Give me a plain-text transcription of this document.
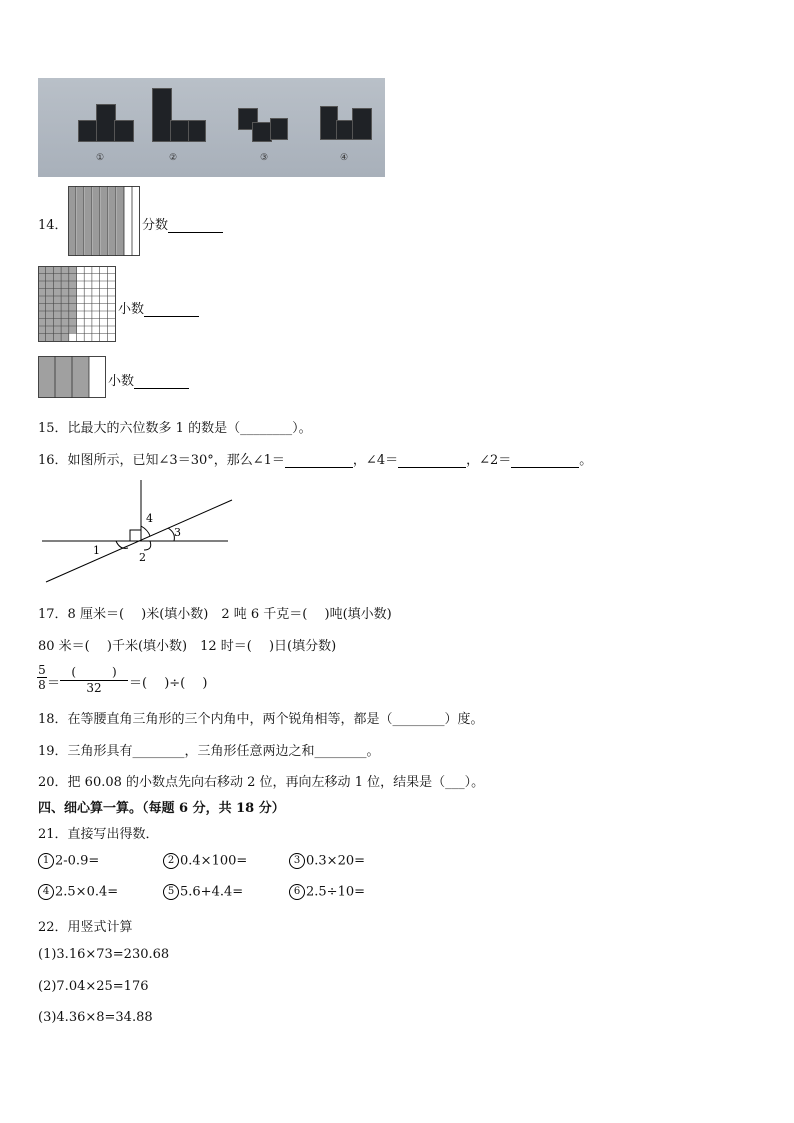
①	②	③	④
14．	分数
小数
小数
15．比最大的六位数多 1 的数是（________）。
16．如图所示，已知∠3＝30°，那么∠1＝	，∠4＝	，∠2＝	。
4
1
2
3
17．8 厘米＝(　 )米(填小数)　2 吨 6 千克＝(　 )吨(填小数)
80 米＝(　 )千米(填小数)　12 时＝(　 )日(填分数)
$\frac{5}{8}$ ＝
(　　　)
32	＝(　 )÷(　 )
18．在等腰直角三角形的三个内角中，两个锐角相等，都是（________）度。
19．三角形具有________，三角形任意两边之和________。
20．把 60.08 的小数点先向右移动 2 位，再向左移动 1 位，结果是（___）。
四、细心算一算。（每题 6 分，共 18 分）
21．直接写出得数．
1 2-0.9=	2 0.4×100=	3 0.3×20=
4 2.5×0.4=	5 5.6+4.4=	6 2.5÷10=
22．用竖式计算
(1)3.16×73=230.68
(2)7.04×25=176
(3)4.36×8=34.88
